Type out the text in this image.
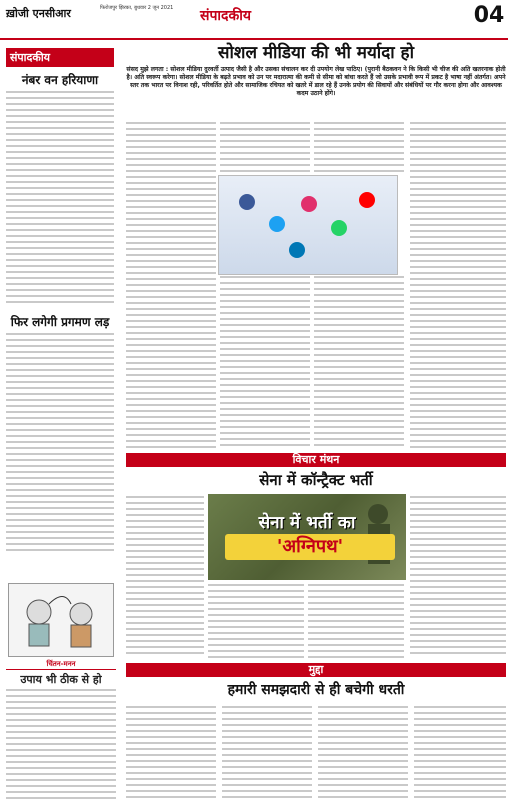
ख़ोजी एनसीआर	फिरोजपुर झिरका, बुधवार 2 जून 2021	संपादकीय	04
संपादकीय
नंबर वन हरियाणा
फिर लगेगी प्रगमण लड़
चिंतन-मनन
उपाय भी ठीक से हो
सोशल मीडिया की भी मर्यादा हो
संसद मुझे लगता : सोशल मीडिया दुरवर्ती उत्पाद जैसी है और उसका संचालन कर दी उपयोग लेख पाठिए। (पुरानी बैठकवन ने कि किसी भी चीज की अति खतरनाक होती है। अति स्वरूप करेगा। सोशल मीडिया के बढ़ते प्रभाव को उन पर मदारात्मा की कमी से सीमा को बांधा करते हैं जो उसके प्रभावी रूप में प्रकट है भाषा नहीं अंतर्गत। अपने स्तर तक भारत पर विनाश रही, परिवर्तित होते और सामाजिक रचियत को खतरे में डाल रहे हैं उनके प्रयोग की सिवायों और संबंधियों पर गौर करना होगा और आवश्यक कदम उठाने होंगे।
विचार मंथन
सेना में कॉन्ट्रैक्ट भर्ती
सेना में भर्ती का
'अग्निपथ'
मुद्दा
हमारी समझदारी से ही बचेगी धरती
